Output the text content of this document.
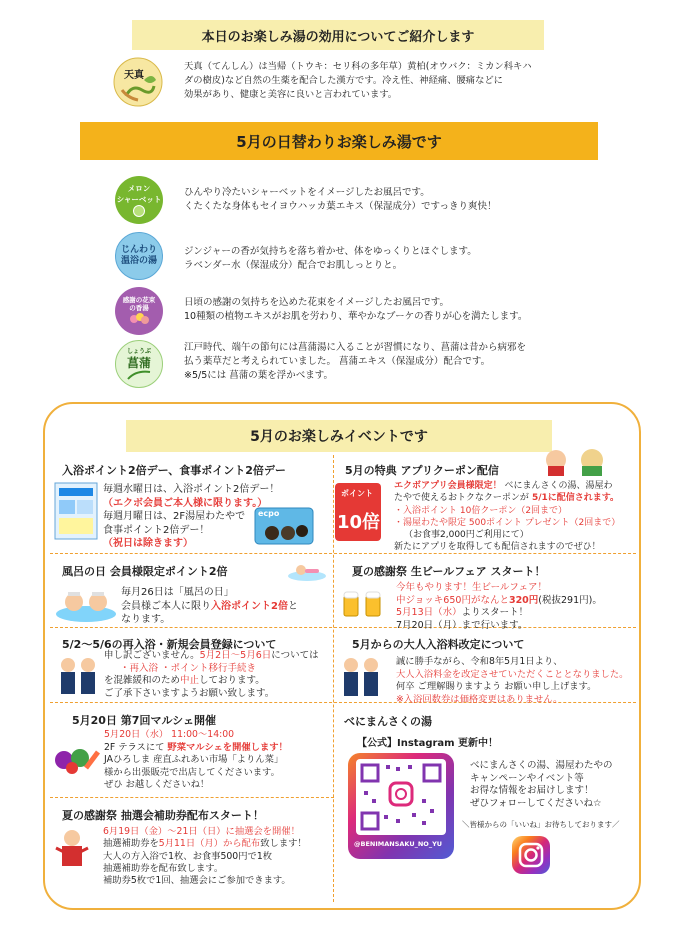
本日のお楽しみ湯の効用についてご紹介します
天真
天真（てんしん）は当帰（トウキ：セリ科の多年草）黄柏(オウバク：ミカン科キハ
ダの樹皮)など自然の生薬を配合した漢方です。冷え性、神経痛、腰痛などに
効果があり、健康と美容に良いと言われています。
5月の日替わりお楽しみ湯です
メロン
シャーベット
ひんやり冷たいシャーベットをイメージしたお風呂です。
くたくたな身体もセイヨウハッカ葉エキス（保湿成分）ですっきり爽快！
じんわり
温浴の湯
ジンジャーの香が気持ちを落ち着かせ、体をゆっくりとほぐします。
ラベンダー水（保湿成分）配合でお肌しっとりと。
感謝の花束
の香湯	日頃の感謝の気持ちを込めた花束をイメージしたお風呂です。
10種類の植物エキスがお肌を労わり、華やかなブーケの香りが心を満たします。
しょうぶ
菖蒲
江戸時代、端午の節句には菖蒲湯に入ることが習慣になり、菖蒲は昔から病邪を
払う薬草だと考えられていました。 菖蒲エキス（保湿成分）配合です。
※5/5には 菖蒲の葉を浮かべます。
5月のお楽しみイベントです
入浴ポイント2倍デー、食事ポイント2倍デー
毎週水曜日は、入浴ポイント2倍デー！
（エクボ会員ご本人様に限ります。）
毎週月曜日は、2F湯屋わたやで
食事ポイント2倍デー！
（祝日は除きます）
ecpo
5月の特典 アプリクーポン配信
ポイント
10倍
エクボアプリ会員様限定！ べにまんさくの湯、湯屋わ
たやで使えるおトクなクーポンが 5/1に配信されます。
・入浴ポイント 10倍クーポン（2回まで）
・湯屋わたや限定 500ポイント プレゼント（2回まで）
（お食事2,000円ご利用にて）
新たにアプリを取得しても配信されますのでぜひ！
風呂の日 会員様限定ポイント2倍
毎月26日は「風呂の日」
会員様ご本人に限り入浴ポイント2倍と
なります。
夏の感謝祭 生ビールフェア スタート！
今年もやります！生ビールフェア！
中ジョッキ650円がなんと320円(税抜291円)。
5月13日（水）よりスタート！
7月20日（月）まで行います。
5/2～5/6の再入浴・新規会員登録について
申し訳ございません。5月2日～5月6日については
・再入浴 ・ポイント移行手続き
を混雑緩和のため中止しております。
ご了承下さいますようお願い致します。
5月からの大人入浴料改定について
誠に勝手ながら、令和8年5月1日より、
大人入浴料金を改定させていただくこととなりました。
何卒 ご理解賜りますよう お願い申し上げます。
※入浴回数券は価格変更はありません。
5月20日 第7回マルシェ開催
5月20日（水） 11:00～14:00
2F テラスにて 野菜マルシェを開催します！
JAひろしま 産直ふれあい市場「よりん菜」
様から出張販売で出店してくださいます。
ぜひ お越しくださいね！
べにまんさくの湯
【公式】Instagram 更新中！
@BENIMANSAKU_NO_YU
べにまんさくの湯、湯屋わたやの
キャンペーンやイベント等
お得な情報をお届けします！
ぜひフォローしてくださいね☆
＼皆様からの「いいね」お待ちしております／
夏の感謝祭 抽選会補助券配布スタート！
6月19日（金）～21日（日）に抽選会を開催！
抽選補助券を5月11日（月）から配布致します！
大人の方入浴で1枚、お食事500円で1枚
抽選補助券を配布致します。
補助券5枚で1回、抽選会にご参加できます。
